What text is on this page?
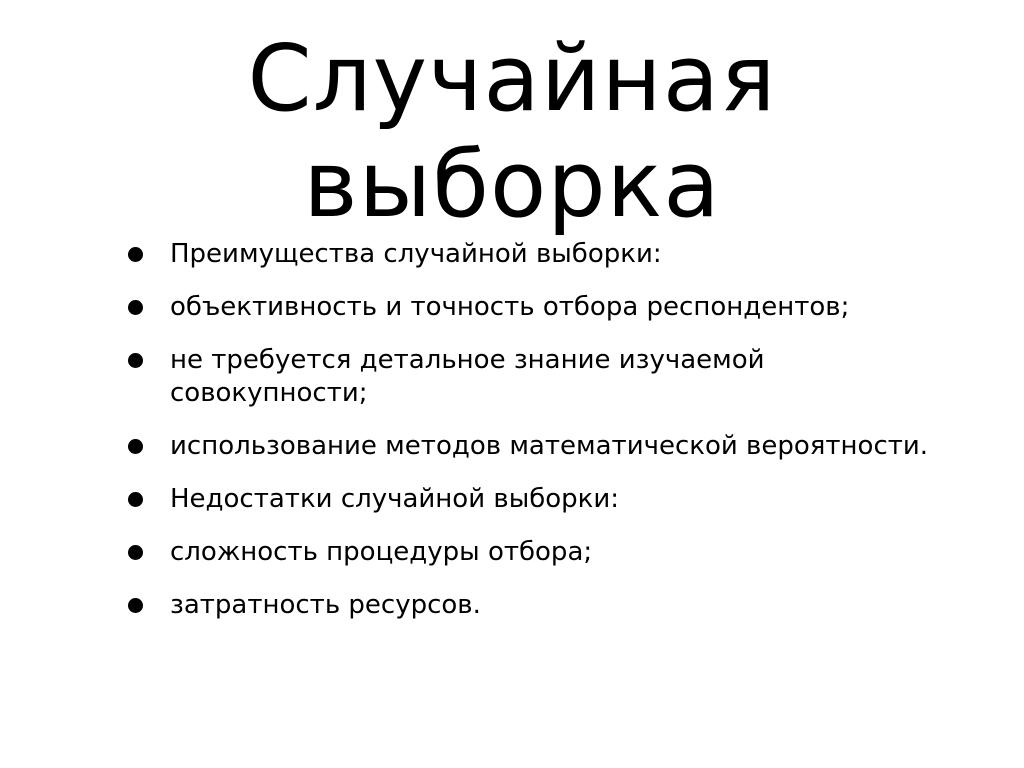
Случайная
выборка
Преимущества случайной выборки:
объективность и точность отбора респондентов;
не требуется детальное знание изучаемой совокупности;
использование методов математической вероятности.
Недостатки случайной выборки:
сложность процедуры отбора;
затратность ресурсов.
